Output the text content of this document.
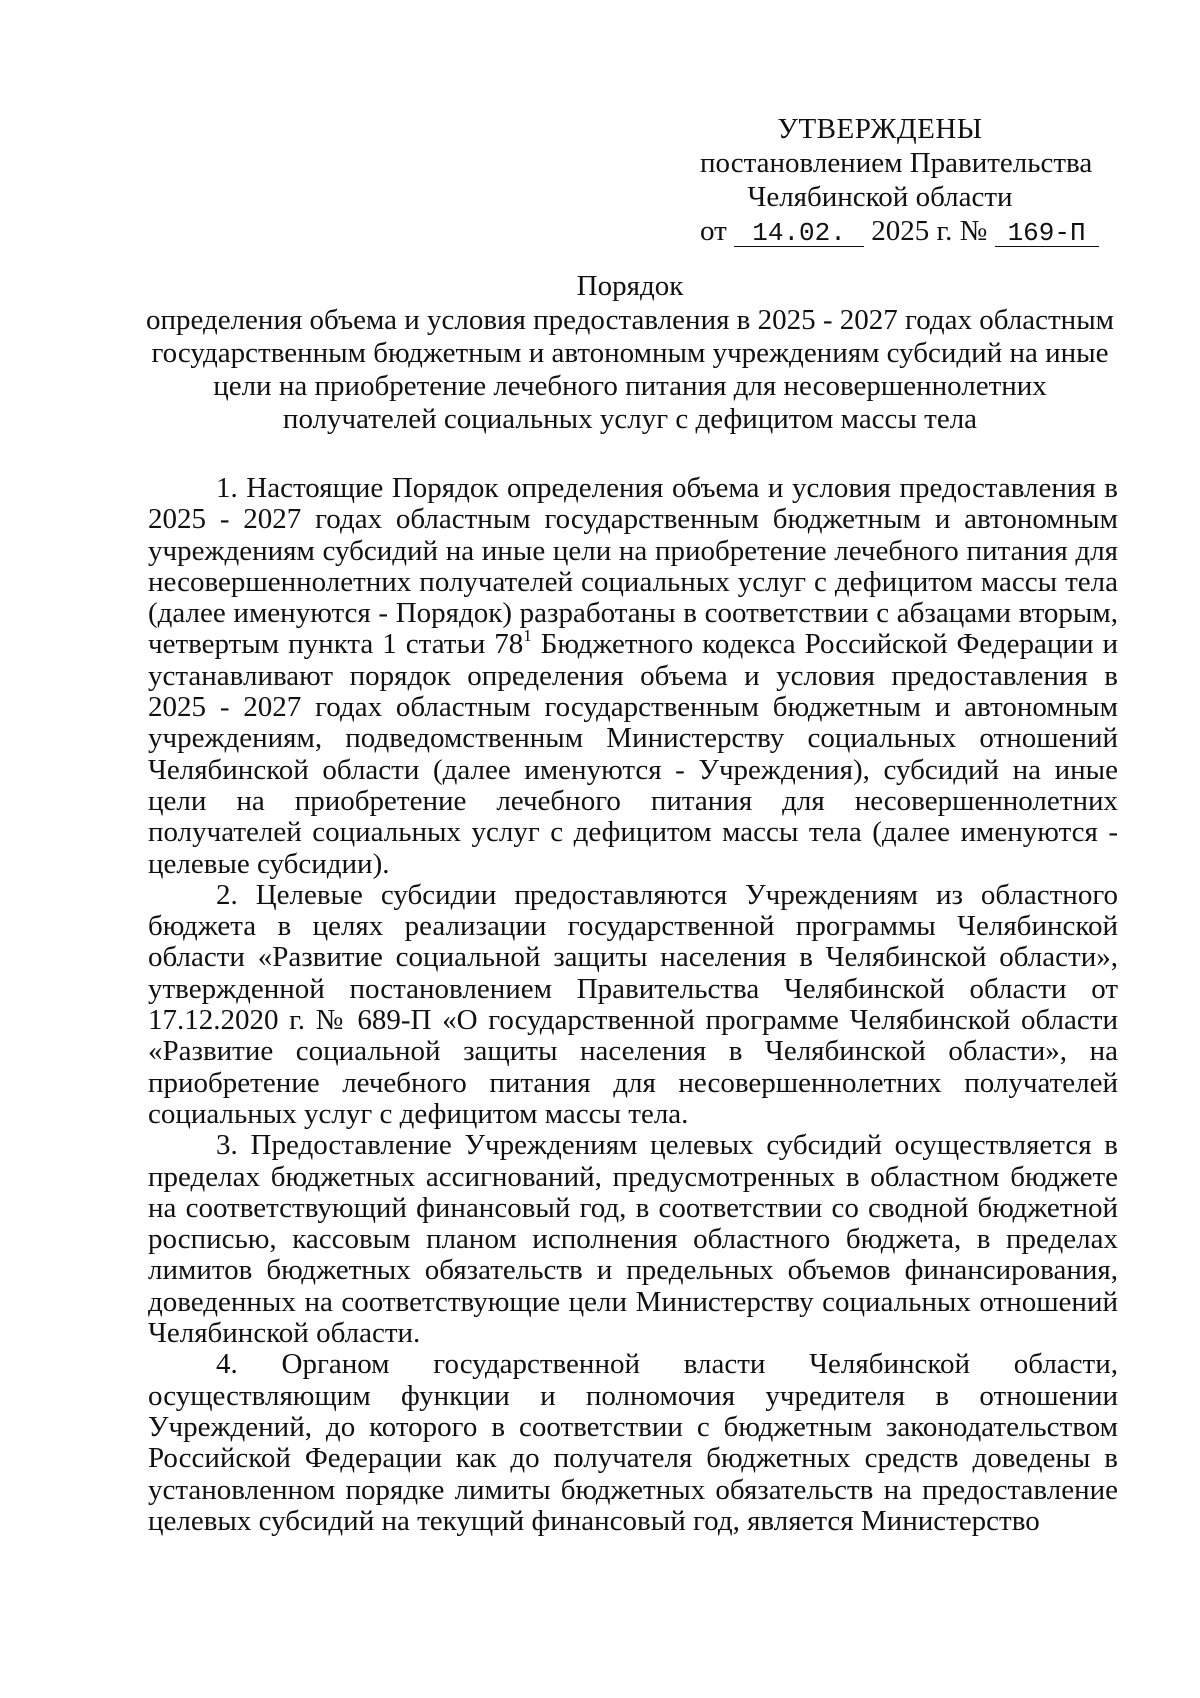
УТВЕРЖДЕНЫ
постановлением Правительства
Челябинской области
от 14.02. 2025 г. № 169-П
Порядок
определения объема и условия предоставления в 2025 - 2027 годах областным государственным бюджетным и автономным учреждениям субсидий на иные цели на приобретение лечебного питания для несовершеннолетних получателей социальных услуг с дефицитом массы тела

1. Настоящие Порядок определения объема и условия предоставления в 2025 - 2027 годах областным государственным бюджетным и автономным учреждениям субсидий на иные цели на приобретение лечебного питания для несовершеннолетних получателей социальных услуг с дефицитом массы тела (далее именуются - Порядок) разработаны в соответствии с абзацами вторым, четвертым пункта 1 статьи $78^1$ Бюджетного кодекса Российской Федерации и устанавливают порядок определения объема и условия предоставления в 2025 - 2027 годах областным государственным бюджетным и автономным учреждениям, подведомственным Министерству социальных отношений Челябинской области (далее именуются - Учреждения), субсидий на иные цели на приобретение лечебного питания для несовершеннолетних получателей социальных услуг с дефицитом массы тела (далее именуются - целевые субсидии).

2. Целевые субсидии предоставляются Учреждениям из областного бюджета в целях реализации государственной программы Челябинской области «Развитие социальной защиты населения в Челябинской области», утвержденной постановлением Правительства Челябинской области от 17.12.2020 г. № 689-П «О государственной программе Челябинской области «Развитие социальной защиты населения в Челябинской области», на приобретение лечебного питания для несовершеннолетних получателей социальных услуг с дефицитом массы тела.

3. Предоставление Учреждениям целевых субсидий осуществляется в пределах бюджетных ассигнований, предусмотренных в областном бюджете на соответствующий финансовый год, в соответствии со сводной бюджетной росписью, кассовым планом исполнения областного бюджета, в пределах лимитов бюджетных обязательств и предельных объемов финансирования, доведенных на соответствующие цели Министерству социальных отношений Челябинской области.

4. Органом государственной власти Челябинской области, осуществляющим функции и полномочия учредителя в отношении Учреждений, до которого в соответствии с бюджетным законодательством Российской Федерации как до получателя бюджетных средств доведены в установленном порядке лимиты бюджетных обязательств на предоставление целевых субсидий на текущий финансовый год, является Министерство
